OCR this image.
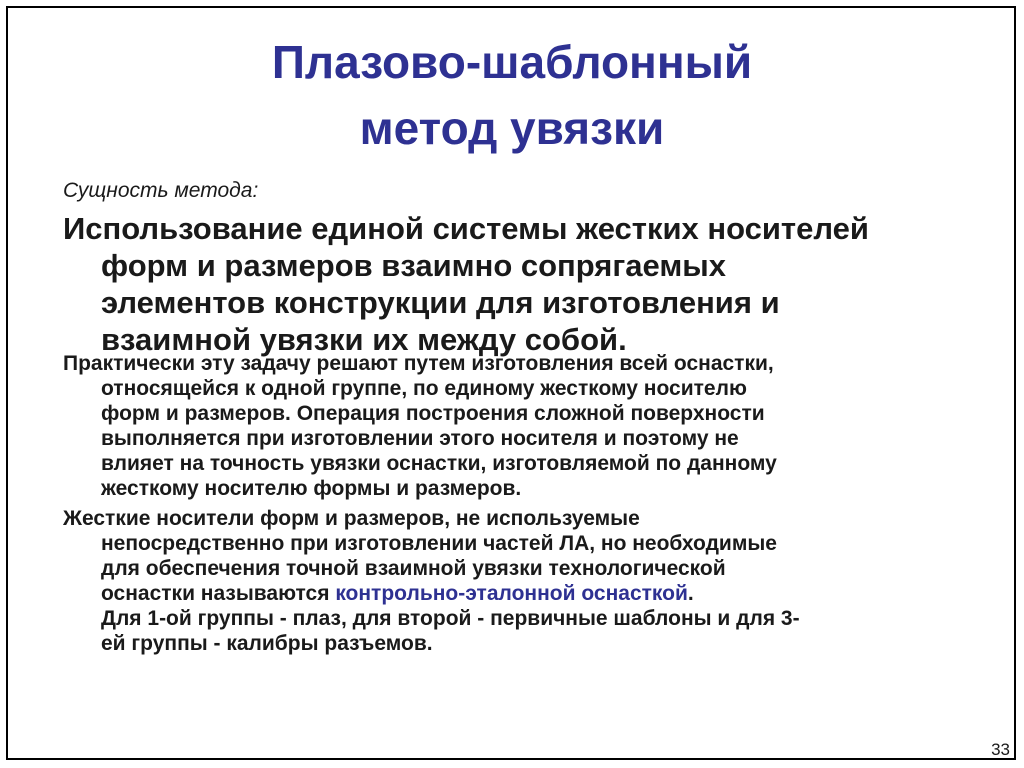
Плазово-шаблонный
метод увязки
Сущность метода:
Использование единой системы жестких носителей
форм и размеров взаимно сопрягаемых
элементов конструкции для изготовления и
взаимной увязки их между собой.
Практически эту задачу решают путем изготовления всей оснастки,
относящейся к одной группе, по единому жесткому носителю
форм и размеров. Операция построения сложной поверхности
выполняется при изготовлении этого носителя и поэтому не
влияет на точность увязки оснастки, изготовляемой по данному
жесткому носителю формы и размеров.
Жесткие носители форм и размеров, не используемые
непосредственно при изготовлении частей ЛА, но необходимые
для обеспечения точной взаимной увязки технологической
оснастки называются контрольно-эталонной оснасткой.
Для 1-ой группы - плаз, для второй - первичные шаблоны и для 3-
ей группы - калибры разъемов.
33
